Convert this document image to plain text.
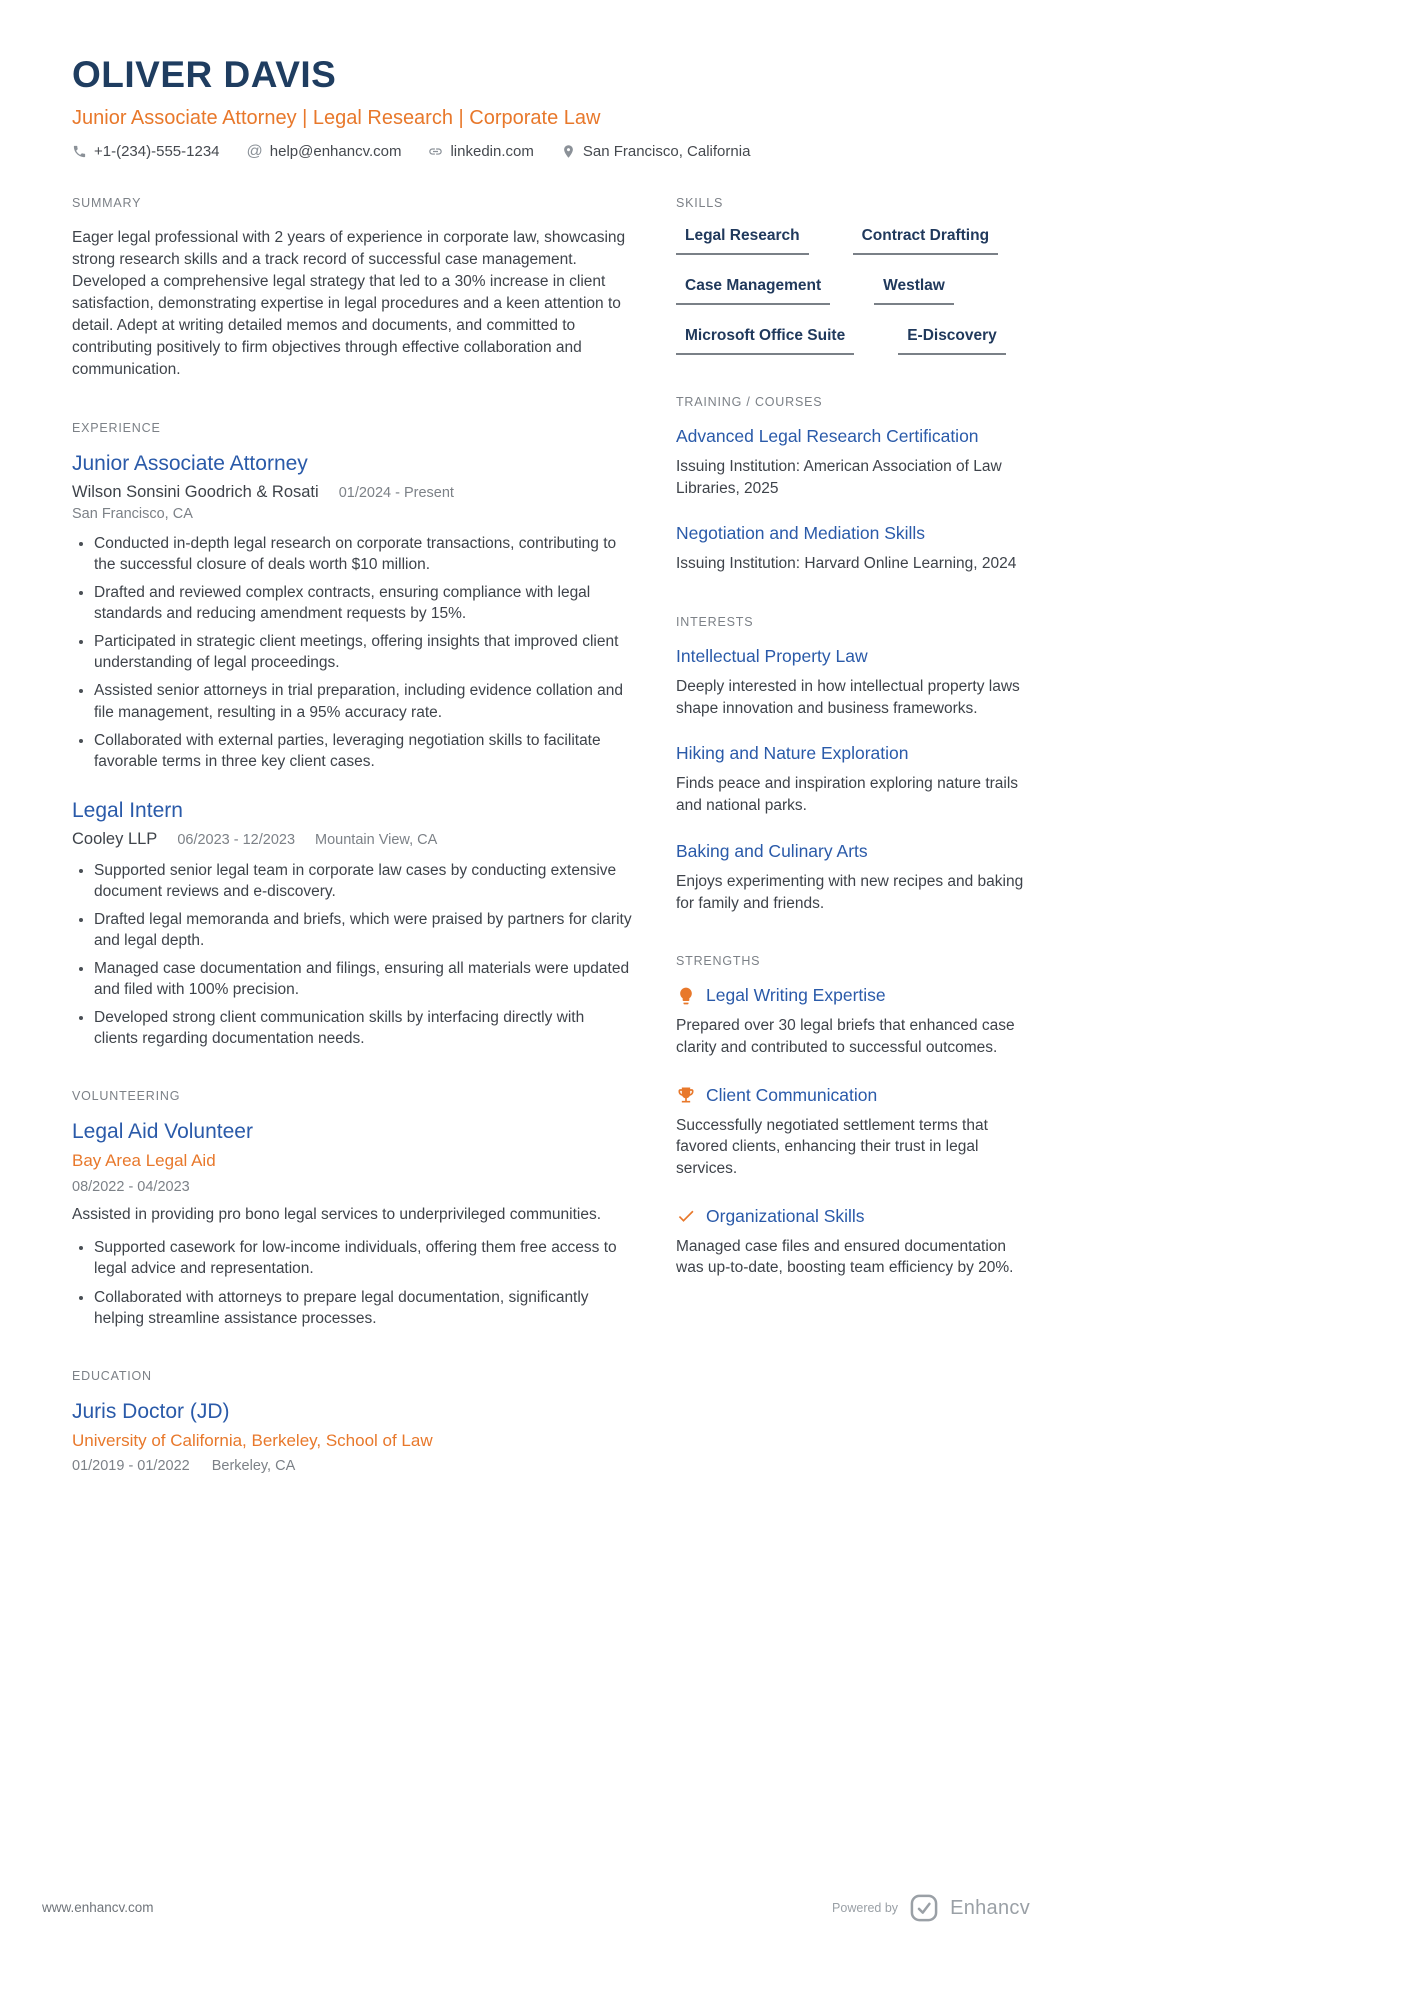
OLIVER DAVIS
Junior Associate Attorney | Legal Research | Corporate Law
+1-(234)-555-1234 @ help@enhancv.com	linkedin.com	San Francisco, California
SUMMARY

Eager legal professional with 2 years of experience in corporate law, showcasing strong research skills and a track record of successful case management. Developed a comprehensive legal strategy that led to a 30% increase in client satisfaction, demonstrating expertise in legal procedures and a keen attention to detail. Adept at writing detailed memos and documents, and committed to contributing positively to firm objectives through effective collaboration and communication.

EXPERIENCE
Junior Associate Attorney
Wilson Sonsini Goodrich & Rosati 01/2024 - Present
San Francisco, CA
• Conducted in-depth legal research on corporate transactions, contributing to the successful closure of deals worth $10 million.
• Drafted and reviewed complex contracts, ensuring compliance with legal standards and reducing amendment requests by 15%.
• Participated in strategic client meetings, offering insights that improved client understanding of legal proceedings.
• Assisted senior attorneys in trial preparation, including evidence collation and file management, resulting in a 95% accuracy rate.
• Collaborated with external parties, leveraging negotiation skills to facilitate favorable terms in three key client cases.
Legal Intern
Cooley LLP 06/2023 - 12/2023 Mountain View, CA
• Supported senior legal team in corporate law cases by conducting extensive document reviews and e-discovery.
• Drafted legal memoranda and briefs, which were praised by partners for clarity and legal depth.
• Managed case documentation and filings, ensuring all materials were updated and filed with 100% precision.
• Developed strong client communication skills by interfacing directly with clients regarding documentation needs.
VOLUNTEERING
Legal Aid Volunteer
Bay Area Legal Aid
08/2022 - 04/2023

Assisted in providing pro bono legal services to underprivileged communities.

• Supported casework for low-income individuals, offering them free access to legal advice and representation.
• Collaborated with attorneys to prepare legal documentation, significantly helping streamline assistance processes.
EDUCATION
Juris Doctor (JD)
University of California, Berkeley, School of Law
01/2019 - 01/2022 Berkeley, CA
SKILLS
Legal Research	Contract Drafting
Case Management	Westlaw
Microsoft Office Suite	E-Discovery
TRAINING / COURSES
Advanced Legal Research Certification
Issuing Institution: American Association of Law Libraries, 2025
Negotiation and Mediation Skills
Issuing Institution: Harvard Online Learning, 2024
INTERESTS
Intellectual Property Law
Deeply interested in how intellectual property laws shape innovation and business frameworks.
Hiking and Nature Exploration
Finds peace and inspiration exploring nature trails and national parks.
Baking and Culinary Arts
Enjoys experimenting with new recipes and baking for family and friends.
STRENGTHS
Legal Writing Expertise
Prepared over 30 legal briefs that enhanced case clarity and contributed to successful outcomes.
Client Communication
Successfully negotiated settlement terms that favored clients, enhancing their trust in legal services.
Organizational Skills
Managed case files and ensured documentation was up-to-date, boosting team efficiency by 20%.
www.enhancv.com	Powered by	Enhancv
